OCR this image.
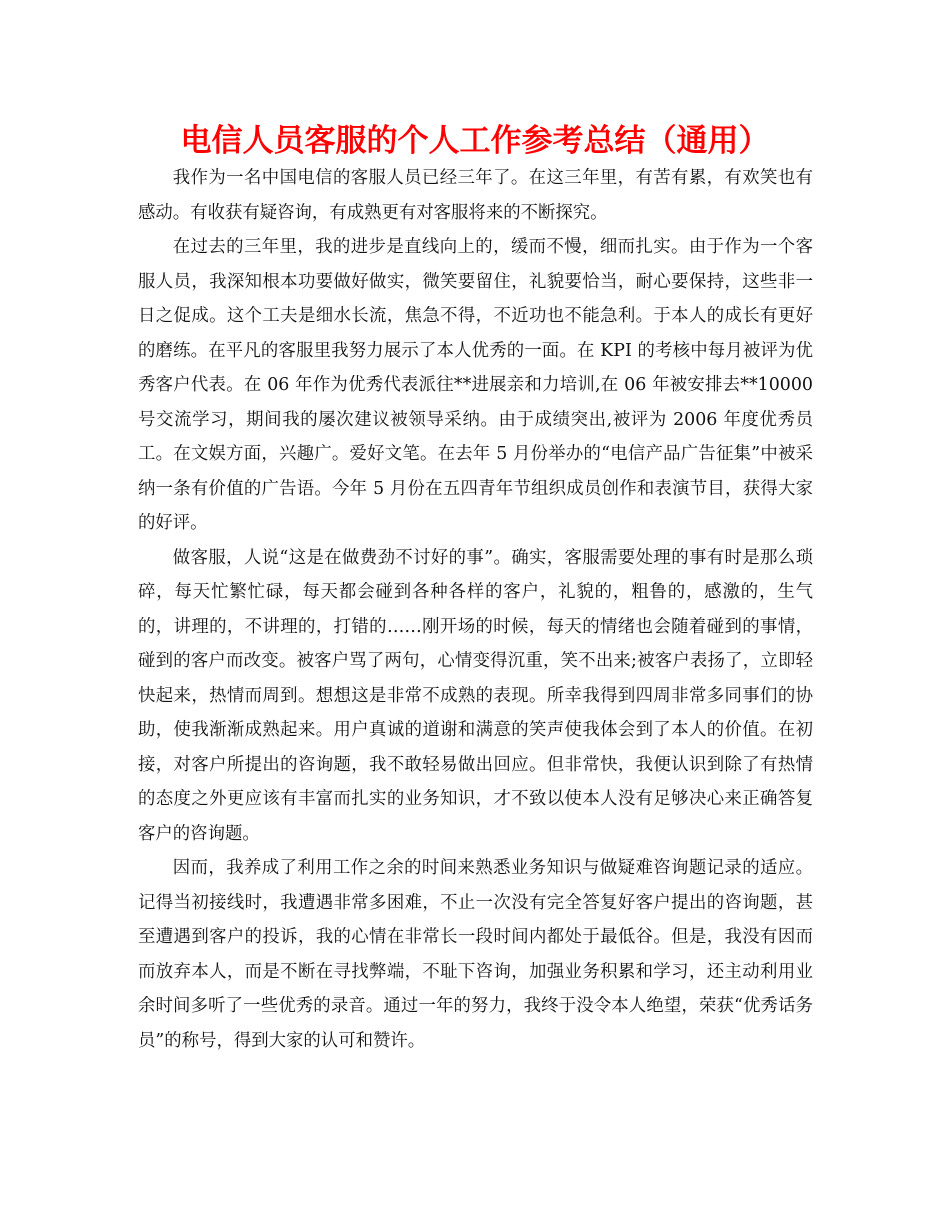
电信人员客服的个人工作参考总结（通用）

我作为一名中国电信的客服人员已经三年了。在这三年里，有苦有累，有欢笑也有感动。有收获有疑咨询，有成熟更有对客服将来的不断探究。

在过去的三年里，我的进步是直线向上的，缓而不慢，细而扎实。由于作为一个客服人员，我深知根本功要做好做实，微笑要留住，礼貌要恰当，耐心要保持，这些非一日之促成。这个工夫是细水长流，焦急不得，不近功也不能急利。于本人的成长有更好的磨练。在平凡的客服里我努力展示了本人优秀的一面。在 KPI 的考核中每月被评为优秀客户代表。在 06 年作为优秀代表派往**进展亲和力培训,在 06 年被安排去**10000 号交流学习，期间我的屡次建议被领导采纳。由于成绩突出,被评为 2006 年度优秀员工。在文娱方面，兴趣广。爱好文笔。在去年 5 月份举办的“电信产品广告征集”中被采纳一条有价值的广告语。今年 5 月份在五四青年节组织成员创作和表演节目，获得大家的好评。

做客服，人说“这是在做费劲不讨好的事”。确实，客服需要处理的事有时是那么琐碎，每天忙繁忙碌，每天都会碰到各种各样的客户，礼貌的，粗鲁的，感激的，生气的，讲理的，不讲理的，打错的……刚开场的时候，每天的情绪也会随着碰到的事情，碰到的客户而改变。被客户骂了两句，心情变得沉重，笑不出来;被客户表扬了，立即轻快起来，热情而周到。想想这是非常不成熟的表现。所幸我得到四周非常多同事们的协助，使我渐渐成熟起来。用户真诚的道谢和满意的笑声使我体会到了本人的价值。在初接，对客户所提出的咨询题，我不敢轻易做出回应。但非常快，我便认识到除了有热情的态度之外更应该有丰富而扎实的业务知识，才不致以使本人没有足够决心来正确答复客户的咨询题。

因而，我养成了利用工作之余的时间来熟悉业务知识与做疑难咨询题记录的适应。记得当初接线时，我遭遇非常多困难，不止一次没有完全答复好客户提出的咨询题，甚至遭遇到客户的投诉，我的心情在非常长一段时间内都处于最低谷。但是，我没有因而而放弃本人，而是不断在寻找弊端，不耻下咨询，加强业务积累和学习，还主动利用业余时间多听了一些优秀的录音。通过一年的努力，我终于没令本人绝望，荣获“优秀话务员”的称号，得到大家的认可和赞许。
